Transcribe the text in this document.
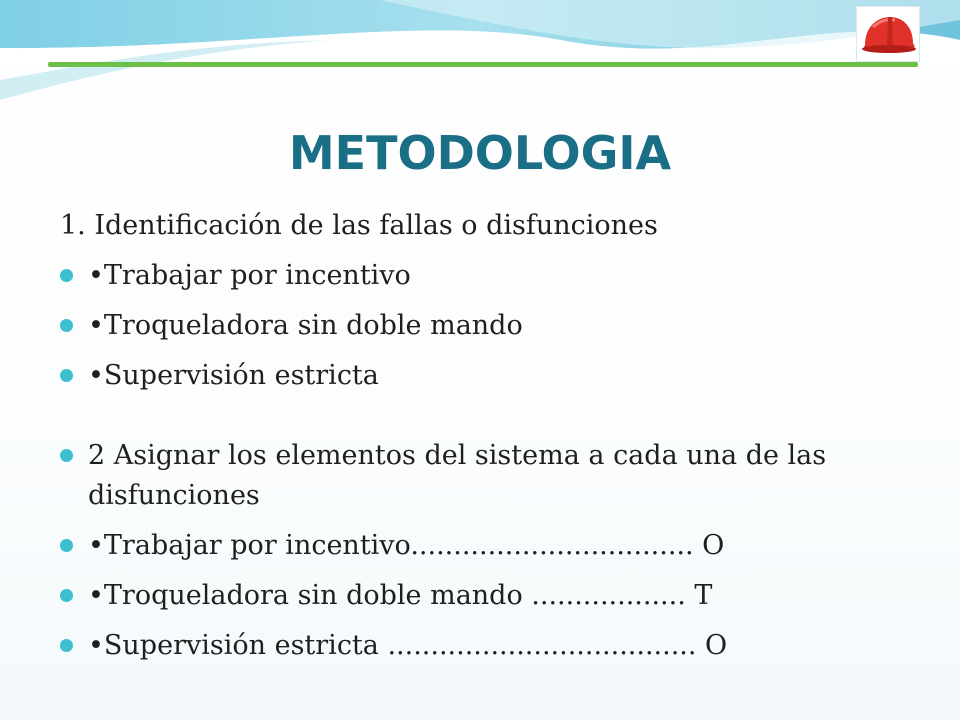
METODOLOGIA

1. Identificación de las fallas o disfunciones

•Trabajar por incentivo

•Troqueladora sin doble mando

•Supervisión estricta

2 Asignar los elementos del sistema a cada una de las disfunciones

•Trabajar por incentivo................................. O

•Troqueladora sin doble mando .................. T

•Supervisión estricta .................................... O
